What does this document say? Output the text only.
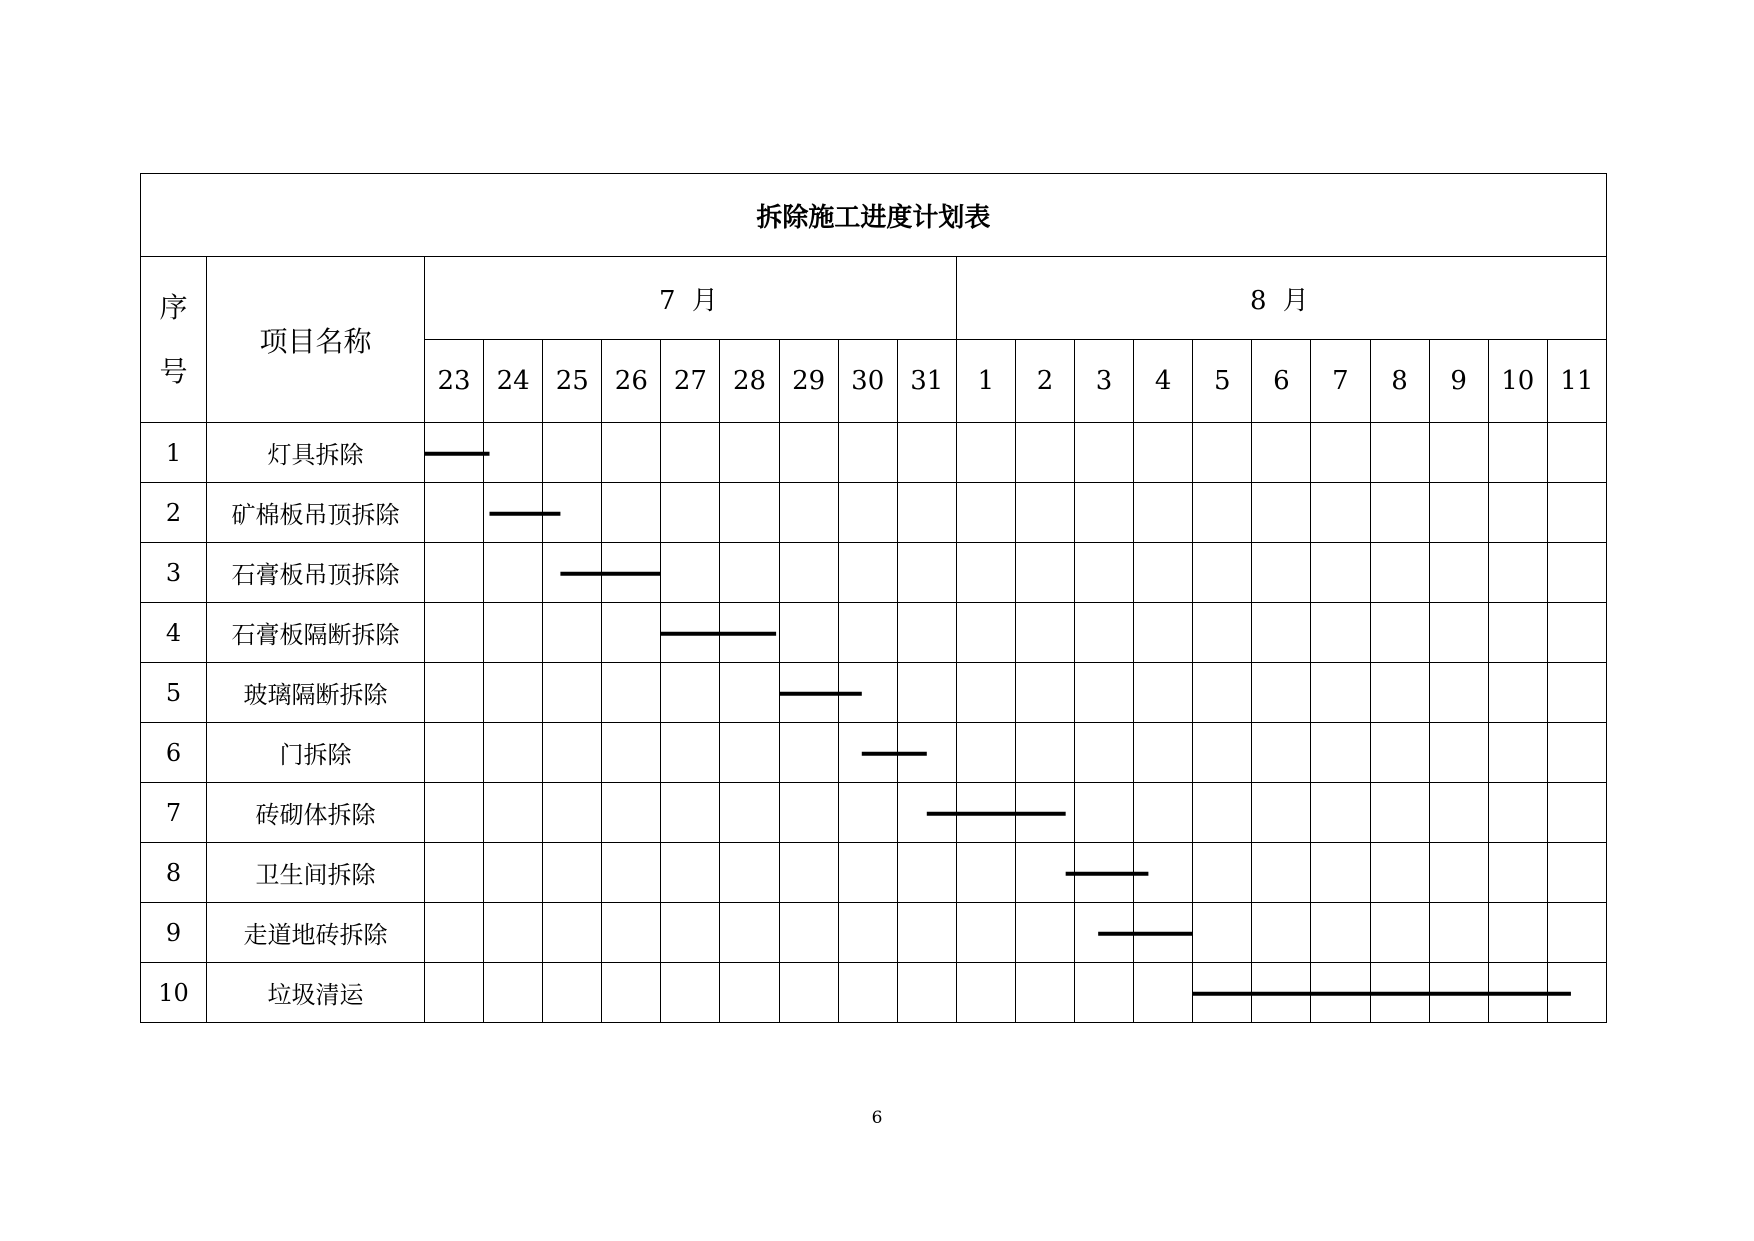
拆除施工进度计划表																					

序
号	项目名称	7 月									8 月										
		23	24	25	26	27	28	29	30	31	1	2	3	4	5	6	7	8	9	10	11
1	灯具拆除																				
2	矿棉板吊顶拆除																				
3	石膏板吊顶拆除																				
4	石膏板隔断拆除																				
5	玻璃隔断拆除																				
6	门拆除																				
7	砖砌体拆除																				
8	卫生间拆除																				
9	走道地砖拆除																				
10	垃圾清运																				
6
